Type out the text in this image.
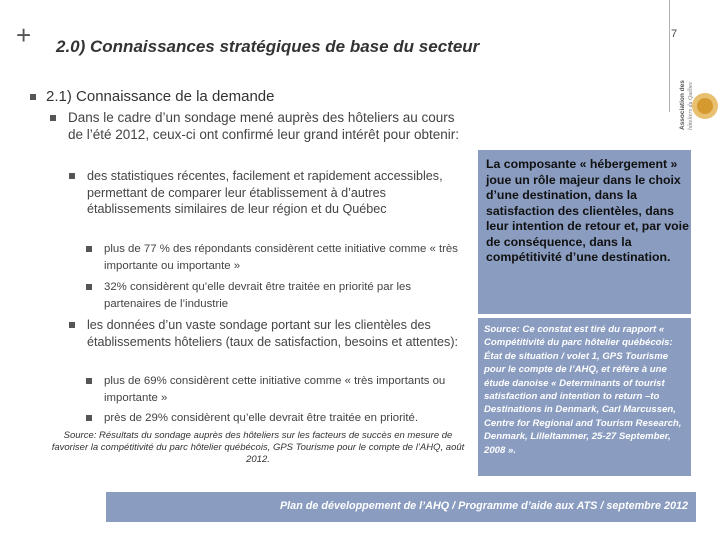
+ 2.0) Connaissances stratégiques de base du secteur
7
Association des hôteliers du Québec
2.1) Connaissance de la demande
Dans le cadre d’un sondage mené auprès des hôteliers au cours de l’été 2012, ceux-ci ont confirmé leur grand intérêt pour obtenir:
des statistiques récentes, facilement et rapidement accessibles, permettant de comparer leur établissement à d’autres établissements similaires de leur région et du Québec
plus de 77 % des répondants considèrent cette initiative comme « très importante ou importante »
32% considèrent qu’elle devrait être traitée en priorité par les partenaires de l’industrie
les données d’un vaste sondage portant sur les clientèles des établissements hôteliers (taux de satisfaction, besoins et attentes):
plus de 69% considèrent cette initiative comme « très importants ou importante »
près de 29% considèrent qu’elle devrait être traitée en priorité.
Source: Résultats du sondage auprès des hôteliers sur les facteurs de succès en mesure de favoriser la compétitivité du parc hôtelier québécois, GPS Tourisme pour le compte de l’AHQ, août 2012.
La composante « hébergement » joue un rôle majeur dans le choix d’une destination, dans la satisfaction des clientèles, dans leur intention de retour et, par voie de conséquence, dans la compétitivité d’une destination.
Source: Ce constat est tiré du rapport « Compétitivité du parc hôtelier québécois: État de situation / volet 1, GPS Tourisme pour le compte de l’AHQ, et réfère à une étude danoise « Determinants of tourist satisfaction and intention to return –to Destinations in Denmark, Carl Marcussen, Centre for Regional and Tourism Research, Denmark, Lilleltammer, 25-27 September, 2008 ».
Plan de développement de l’AHQ / Programme d’aide aux ATS / septembre 2012
